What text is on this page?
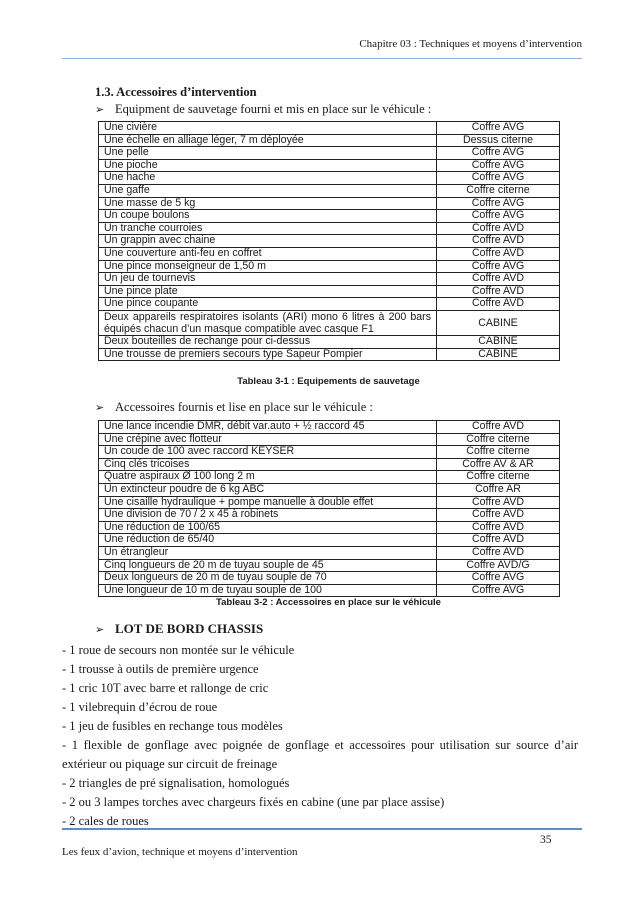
Chapitre 03 : Techniques et moyens d’intervention
1.3. Accessoires d’intervention
➢ Equipment de sauvetage fourni et mis en place sur le véhicule :
Une civière	Coffre AVG
Une échelle en alliage léger, 7 m déployée	Dessus citerne
Une pelle	Coffre AVG
Une pioche	Coffre AVG
Une hache	Coffre AVG
Une gaffe	Coffre citerne
Une masse de 5 kg	Coffre AVG
Un coupe boulons	Coffre AVG
Un tranche courroies	Coffre AVD
Un grappin avec chaine	Coffre AVD
Une couverture anti-feu en coffret	Coffre AVD
Une pince monseigneur de 1,50 m	Coffre AVG
Un jeu de tournevis	Coffre AVD
Une pince plate	Coffre AVD
Une pince coupante	Coffre AVD
Deux appareils respiratoires isolants (ARI) mono 6 litres à 200 bars équipés chacun d’un masque compatible avec casque F1	CABINE
Deux bouteilles de rechange pour ci-dessus	CABINE
Une trousse de premiers secours type Sapeur Pompier	CABINE
Tableau 3-1 : Equipements de sauvetage
➢ Accessoires fournis et lise en place sur le véhicule :
Une lance incendie DMR, débit var.auto + ½ raccord 45	Coffre AVD
Une crépine avec flotteur	Coffre citerne
Un coude de 100 avec raccord KEYSER	Coffre citerne
Cinq clés tricoises	Coffre AV & AR
Quatre aspiraux Ø 100 long 2 m	Coffre citerne
Un extincteur poudre de 6 kg ABC	Coffre AR
Une cisaille hydraulique + pompe manuelle à double effet	Coffre AVD
Une division de 70 / 2 x 45 à robinets	Coffre AVD
Une réduction de 100/65	Coffre AVD
Une réduction de 65/40	Coffre AVD
Un étrangleur	Coffre AVD
Cinq longueurs de 20 m de tuyau souple de 45	Coffre AVD/G
Deux longueurs de 20 m de tuyau souple de 70	Coffre AVG
Une longueur de 10 m de tuyau souple de 100	Coffre AVG
Tableau 3-2 : Accessoires en place sur le véhicule
➢ LOT DE BORD CHASSIS
- 1 roue de secours non montée sur le véhicule
- 1 trousse à outils de première urgence
- 1 cric 10T avec barre et rallonge de cric
- 1 vilebrequin d’écrou de roue
- 1 jeu de fusibles en rechange tous modèles
- 1 flexible de gonflage avec poignée de gonflage et accessoires pour utilisation sur source d’air extérieur ou piquage sur circuit de freinage
- 2 triangles de pré signalisation, homologués
- 2 ou 3 lampes torches avec chargeurs fixés en cabine (une par place assise)
- 2 cales de roues
35
Les feux d’avion, technique et moyens d’intervention
